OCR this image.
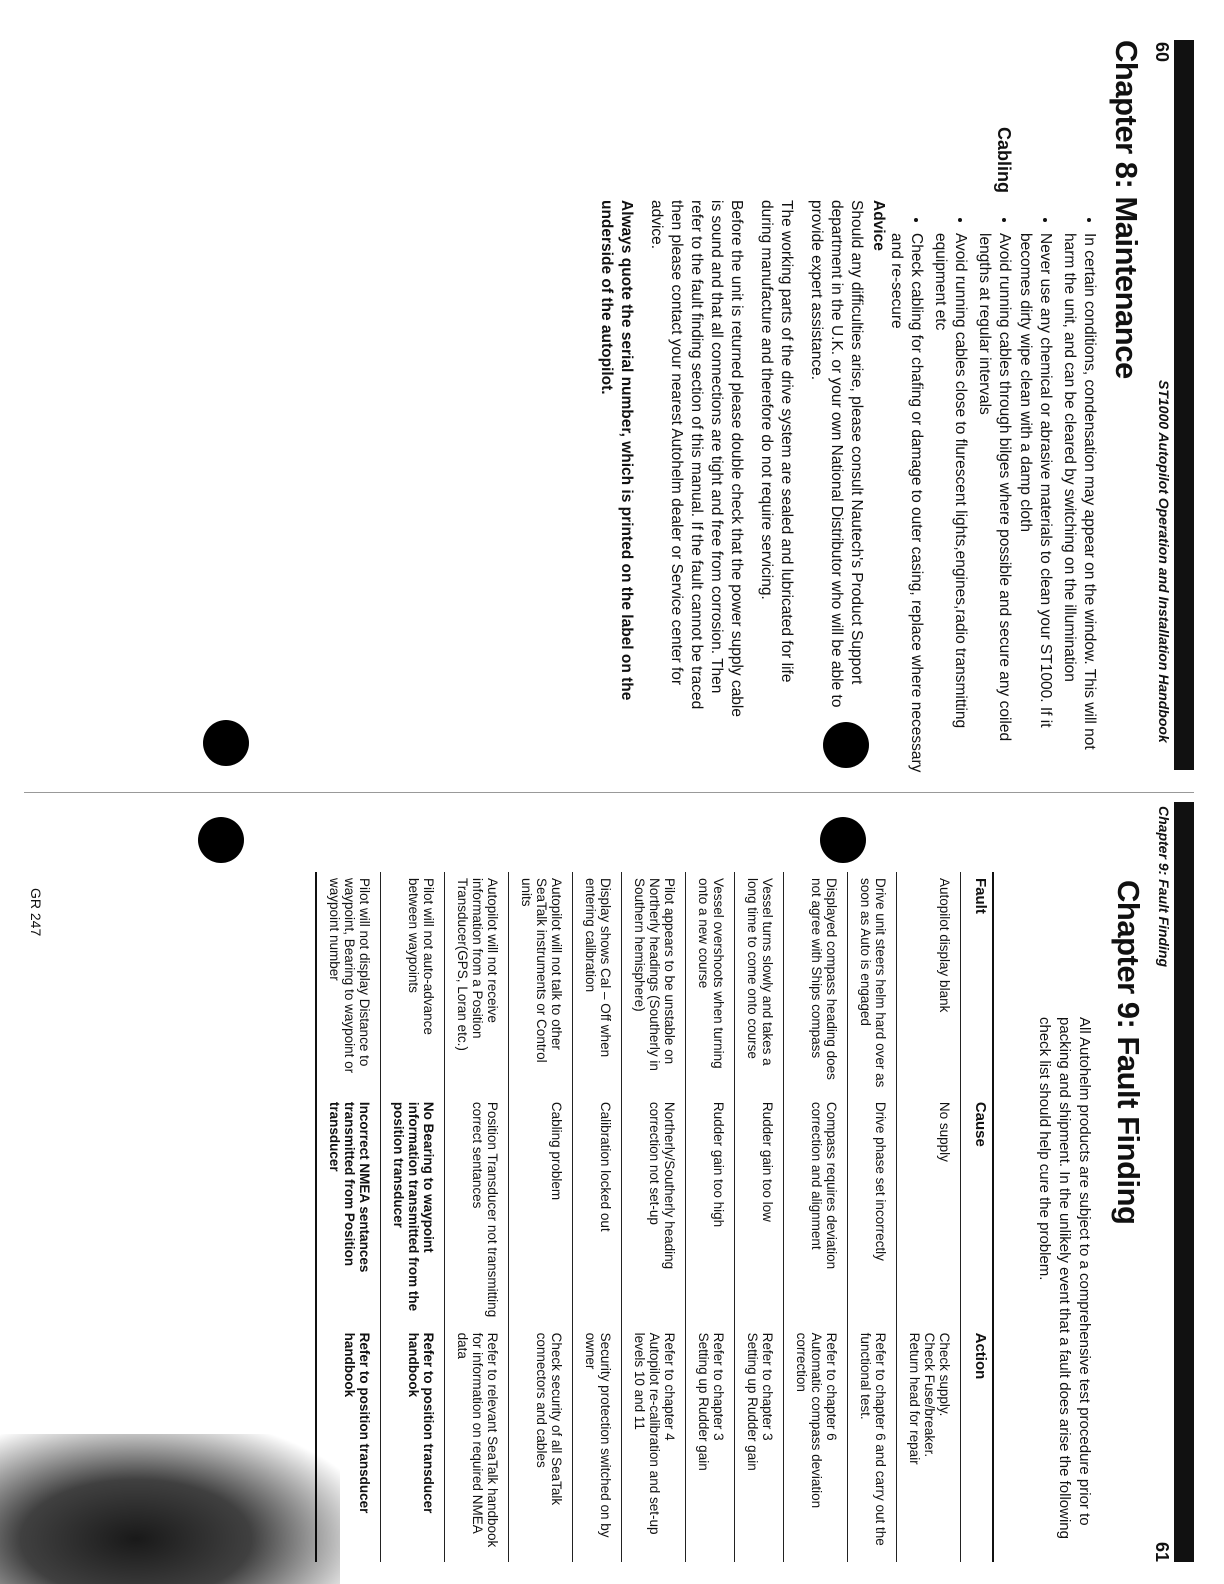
60
ST1000 Autopilot Operation and Installation Handbook
Chapter 8: Maintenance
• In certain conditions, condensation may appear on the window. This will not harm the unit, and can be cleared by switching on the illumination
• Never use any chemical or abrasive materials to clean your ST1000. If it becomes dirty wipe clean with a damp cloth
Cabling
• Avoid running cables through bilges where possible and secure any coiled lengths at regular intervals
• Avoid running cables close to flurescent lights,engines,radio transmitting equipment etc
• Check cabling for chafing or damage to outer casing, replace where necessary and re-secure
Advice
Should any difficulties arise, please consult Nautech's Product Support department in the U.K. or your own National Distributor who will be able to provide expert assistance.
The working parts of the drive system are sealed and lubricated for life during manufacture and therefore do not require servicing.
Before the unit is returned please double check that the power supply cable is sound and that all connections are tight and free from corrosion. Then refer to the fault finding section of this manual. If the fault cannot be traced then please contact your nearest Autohelm dealer or Service center for advice.
Always quote the serial number, which is printed on the label on the underside of the autopilot.
Chapter 9: Fault Finding
61
Chapter 9: Fault Finding
All Autohelm products are subject to a comprehensive test procedure prior to packing and shipment. In the unlikely event that a fault does arise the following check list should help cure the problem.
Fault	Cause	Action
Autopilot display blank	No supply	Check supply.
Check Fuse/breaker.
Return head for repair
Drive unit steers helm hard over as soon as Auto is engaged	Drive phase set incorrectly	Refer to chapter 6 and carry out the functional test.
Displayed compass heading does not agree with Ships compass	Compass requires deviation correction and alignment	Refer to chapter 6
Automatic compass deviation correction
Vessel turns slowly and takes a long time to come onto course	Rudder gain too low	Refer to chapter 3
Setting up Rudder gain
Vessel overshoots when turning onto a new course	Rudder gain too high	Refer to chapter 3
Setting up Rudder gain
Pilot appears to be unstable on Northerly headings (Southerly in Southern hemisphere)	Northerly/Southerly heading correction not set-up	Refer to chapter 4
Autopilot re-calibration and set-up levels 10 and 11
Display shows Cal – Off when entering calibration	Calibration locked out	Security protection switched on by owner
Autopilot will not talk to other SeaTalk instruments or Control units	Cabling problem	Check security of all SeaTalk connectors and cables
Autopilot will not receive information from a Position Transducer(GPS, Loran etc.)	Position Transducer not transmitting correct sentances	Refer to relevant SeaTalk handbook for information on required NMEA data
Pilot will not auto-advance between waypoints	No Bearing to waypoint information transmitted from the position transducer	Refer to position transducer handbook
Pilot will not display Distance to waypoint, Bearing to waypoint or waypoint number	Incorrect NMEA sentances transmitted from Position transducer	Refer to position transducer handbook
GR 247
